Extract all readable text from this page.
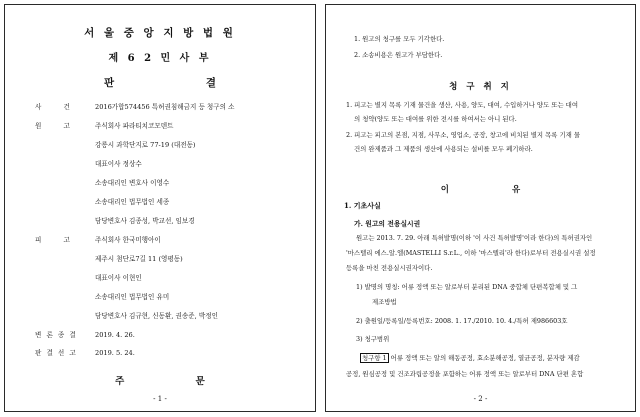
서 울 중 앙 지 방 법 원
제 6 2 민 사 부
판 결
사 건 2016가합574456 특허권침해금지 등 청구의 소
원 고 주식회사 파라티치코모덴트
강릉시 과학단지로 77-19 (대전동)
대표이사 정상수
소송대리인 변호사 이영수
소송대리인 법무법인 세종
담당변호사 김종성, 박교선, 임보경
피 고 주식회사 한국미행아이
제주시 첨단로7길 11 (영평동)
대표이사 이현인
소송대리인 법무법인 유미
담당변호사 김규현, 신동환, 권송준, 박정인
변 론 종 결	2019. 4. 26.
판 결 선 고	2019. 5. 24.
주 문
- 1 -
1. 원고의 청구를 모두 기각한다.
2. 소송비용은 원고가 부담한다.
청 구 취 지
1. 피고는 별지 목록 기재 물건을 생산, 사용, 양도, 대여, 수입하거나 양도 또는 대여
의 청약(양도 또는 대여를 위한 전시를 하여서는 아니 된다.
2. 피고는 피고의 본점, 지점, 사무소, 영업소, 공장, 창고에 비치된 별지 목록 기재 물
건의 완제품과 그 제품의 생산에 사용되는 설비를 모두 폐기하라.
이 유
1. 기초사실
가. 원고의 전용실시권
원고는 2013. 7. 29. 아래 특허발명(이하 '이 사건 특허발명'이라 한다)의 특허권자인
'마스텔리 에스.알.엘(MASTELLI S.r.L., 이하 '마스텔리'라 한다)로부터 전용실시권 설정
등록을 마친 전용실시권자이다.
1) 발명의 명칭: 어류 정액 또는 알로부터 분리된 DNA 중합체 단편복합체 및 그
제조방법
2) 출원일/등록일/등록번호: 2008. 1. 17./2010. 10. 4./특허 제986603호
3) 청구범위
청구항 1 어류 정액 또는 알의 해동공정, 효소분해공정, 열균공정, 분자량 제감
공정, 원심공정 및 건조과립공정을 포함하는 어류 정액 또는 알로부터 DNA 단편 혼합
- 2 -
